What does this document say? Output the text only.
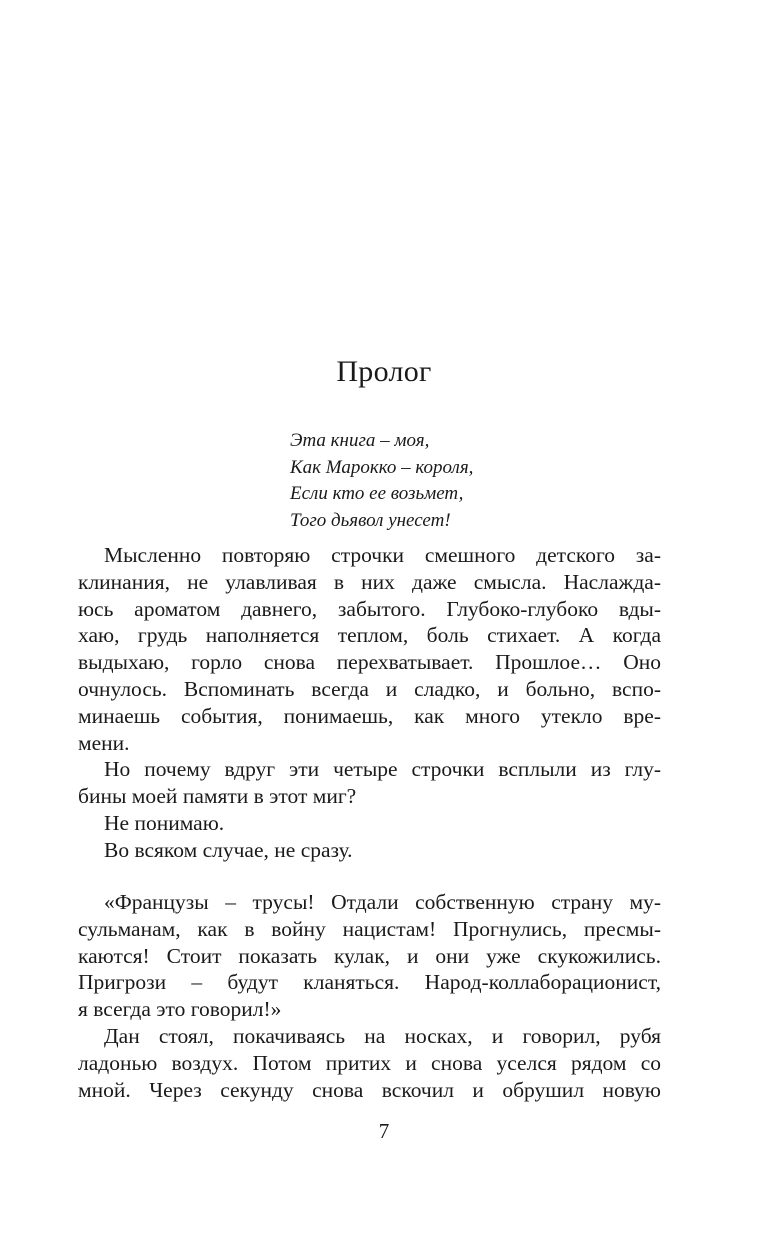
Пролог
Эта книга – моя,
Как Марокко – короля,
Если кто ее возьмет,
Того дьявол унесет!
Мысленно повторяю строчки смешного детского за-
клинания, не улавливая в них даже смысла. Наслажда-
юсь ароматом давнего, забытого. Глубоко-глубоко вды-
хаю, грудь наполняется теплом, боль стихает. А когда
выдыхаю, горло снова перехватывает. Прошлое… Оно
очнулось. Вспоминать всегда и сладко, и больно, вспо-
минаешь события, понимаешь, как много утекло вре-
мени.
Но почему вдруг эти четыре строчки всплыли из глу-
бины моей памяти в этот миг?
Не понимаю.
Во всяком случае, не сразу.
«Французы – трусы! Отдали собственную страну му-
сульманам, как в войну нацистам! Прогнулись, пресмы-
каются! Стоит показать кулак, и они уже скукожились.
Пригрози – будут кланяться. Народ-коллаборационист,
я всегда это говорил!»
Дан стоял, покачиваясь на носках, и говорил, рубя
ладонью воздух. Потом притих и снова уселся рядом со
мной. Через секунду снова вскочил и обрушил новую
7
